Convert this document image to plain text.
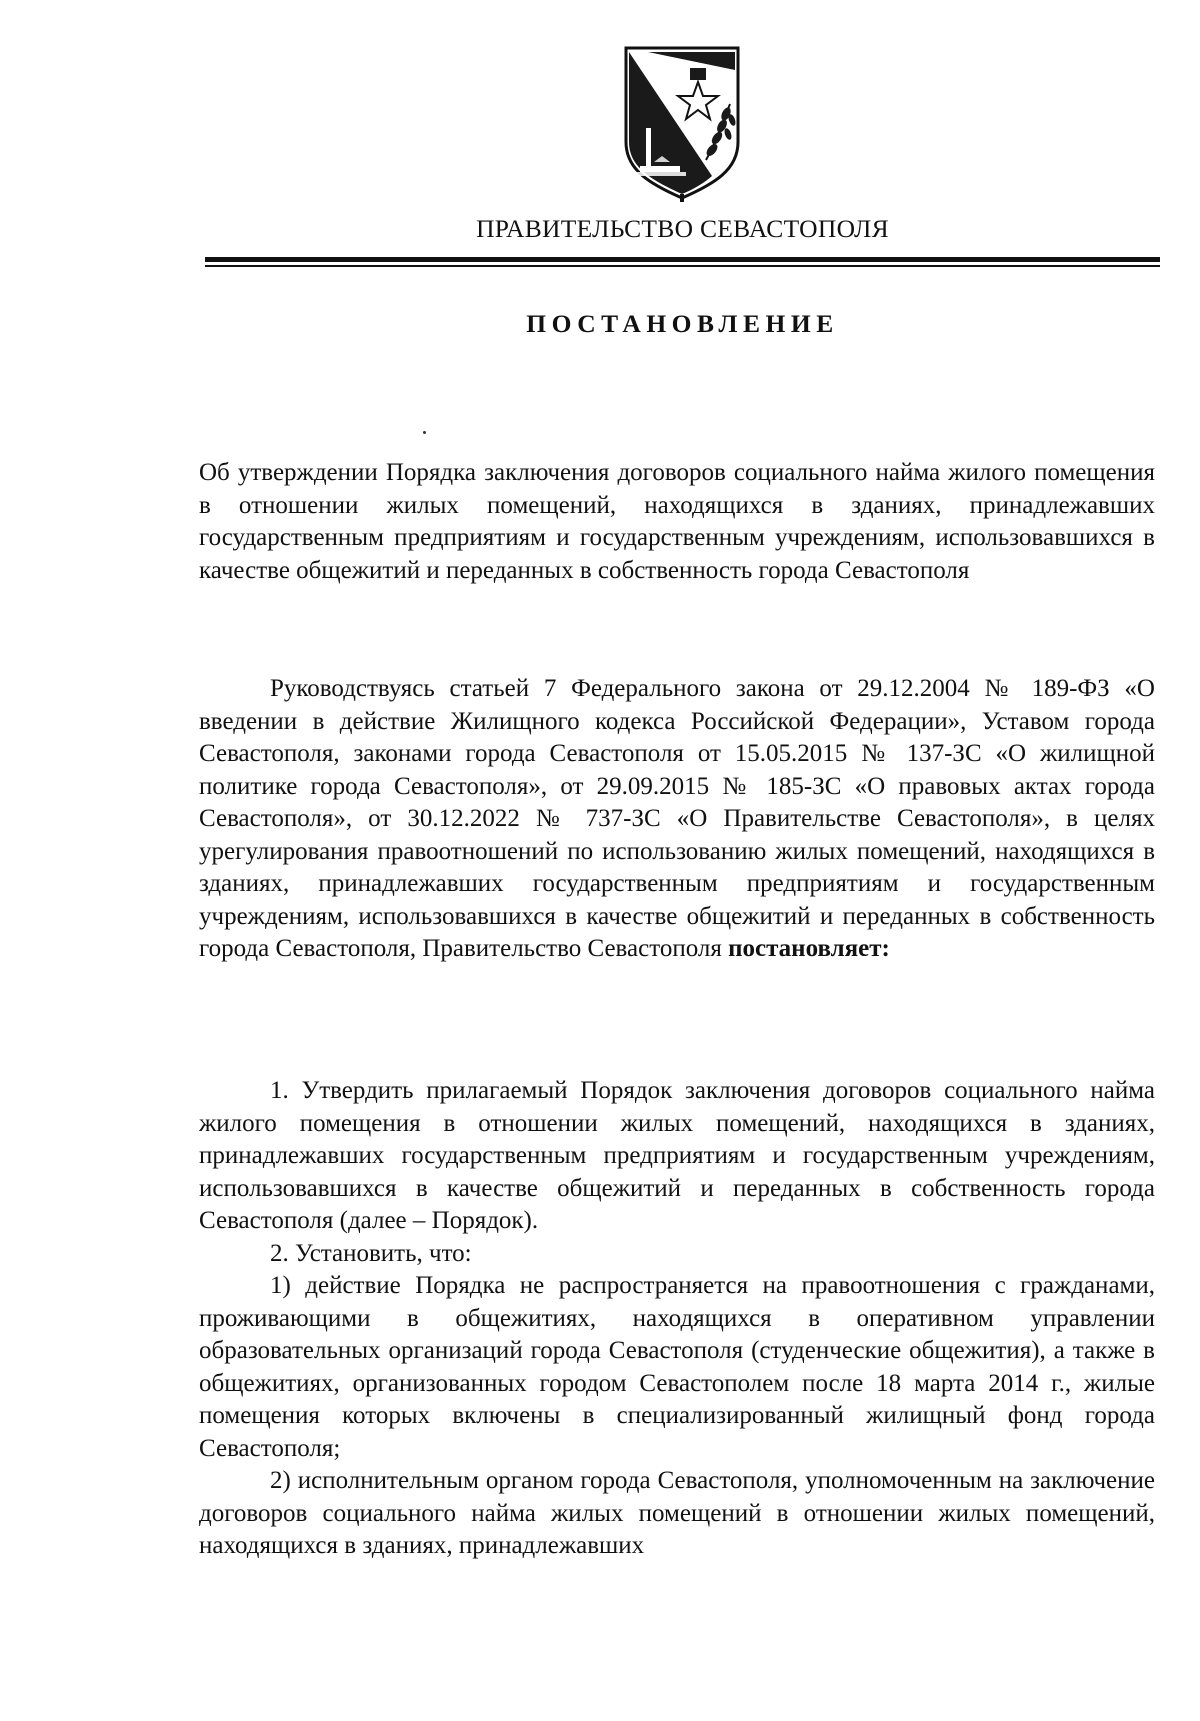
ПРАВИТЕЛЬСТВО СЕВАСТОПОЛЯ
ПОСТАНОВЛЕНИЕ

Об утверждении Порядка заключения договоров социального найма жилого помещения в отношении жилых помещений, находящихся в зданиях, принадлежавших государственным предприятиям и государственным учреждениям, использовавшихся в качестве общежитий и переданных в собственность города Севастополя

Руководствуясь статьей 7 Федерального закона от 29.12.2004 № 189-ФЗ «О введении в действие Жилищного кодекса Российской Федерации», Уставом города Севастополя, законами города Севастополя от 15.05.2015 № 137-ЗС «О жилищной политике города Севастополя», от 29.09.2015 № 185-ЗС «О правовых актах города Севастополя», от 30.12.2022 № 737-ЗС «О Правительстве Севастополя», в целях урегулирования правоотношений по использованию жилых помещений, находящихся в зданиях, принадлежавших государственным предприятиям и государственным учреждениям, использовавшихся в качестве общежитий и переданных в собственность города Севастополя, Правительство Севастополя постановляет:

1. Утвердить прилагаемый Порядок заключения договоров социального найма жилого помещения в отношении жилых помещений, находящихся в зданиях, принадлежавших государственным предприятиям и государственным учреждениям, использовавшихся в качестве общежитий и переданных в собственность города Севастополя (далее – Порядок).

2. Установить, что:

1) действие Порядка не распространяется на правоотношения с гражданами, проживающими в общежитиях, находящихся в оперативном управлении образовательных организаций города Севастополя (студенческие общежития), а также в общежитиях, организованных городом Севастополем после 18 марта 2014 г., жилые помещения которых включены в специализированный жилищный фонд города Севастополя;

2) исполнительным органом города Севастополя, уполномоченным на заключение договоров социального найма жилых помещений в отношении жилых помещений, находящихся в зданиях, принадлежавших
